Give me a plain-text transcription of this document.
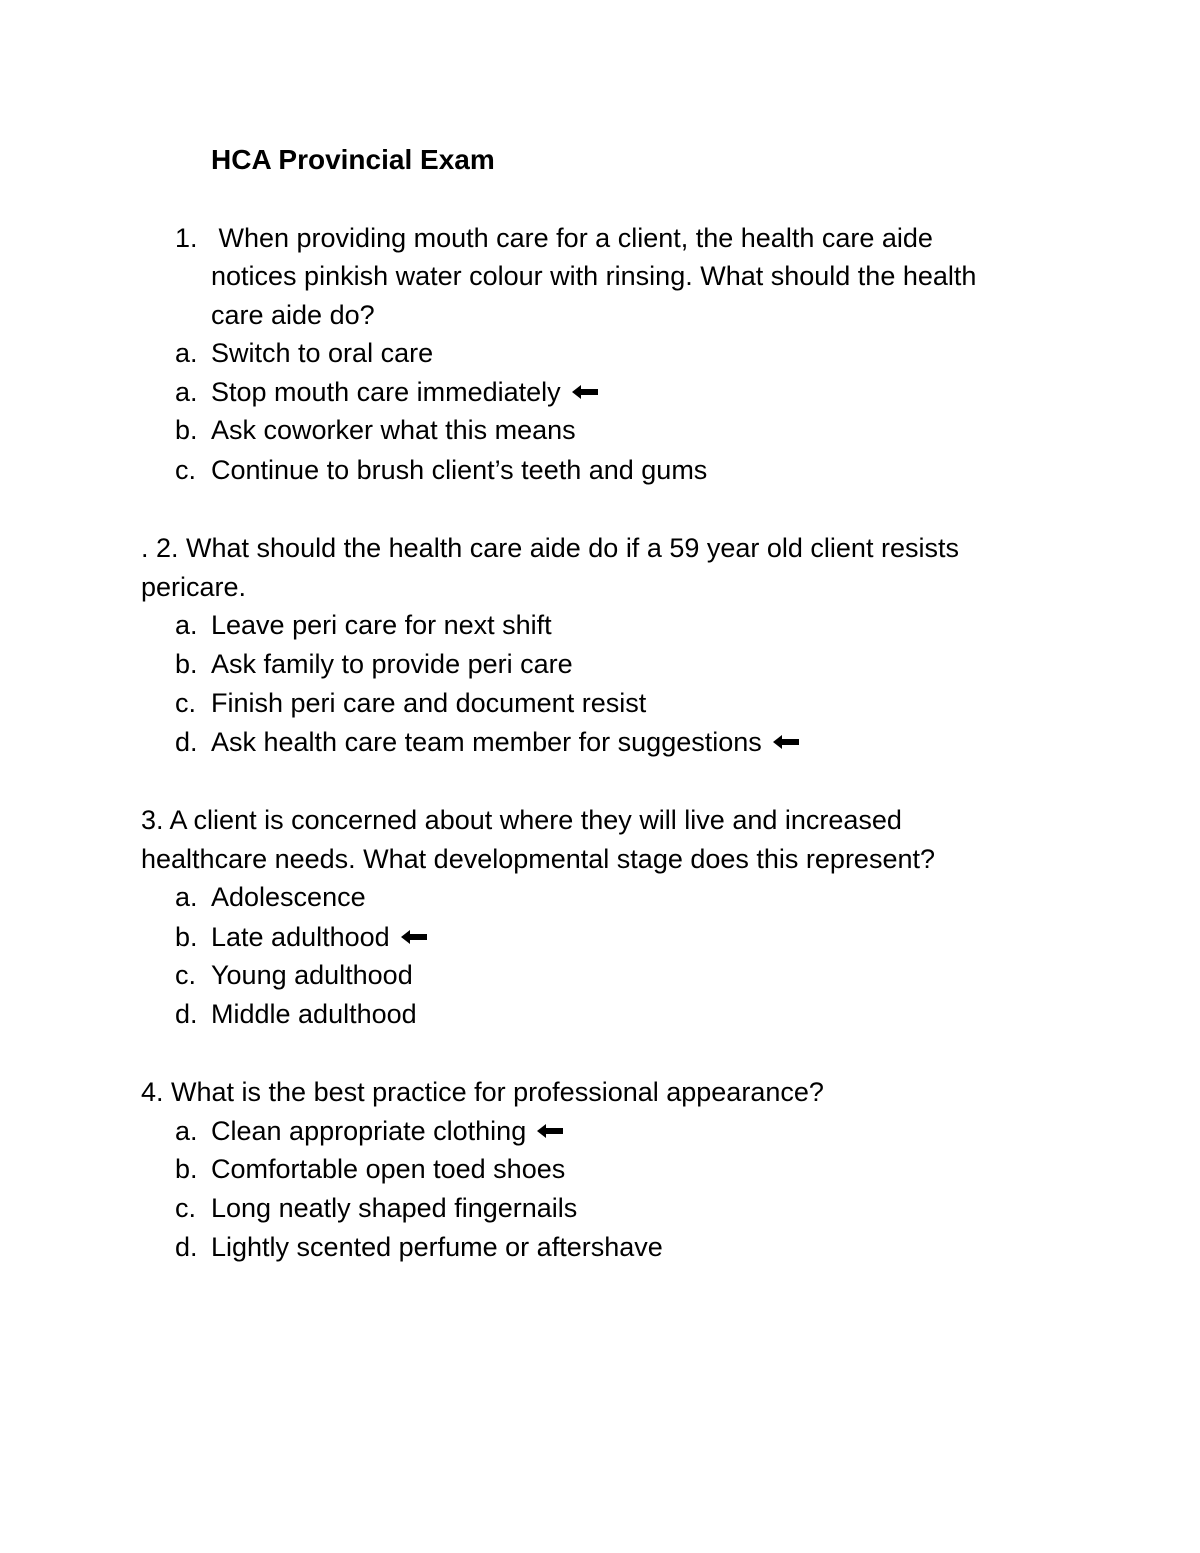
HCA Provincial Exam
1. When providing mouth care for a client, the health care aide
notices pinkish water colour with rinsing. What should the health
care aide do?
a. Switch to oral care
a. Stop mouth care immediately
b. Ask coworker what this means
c. Continue to brush client’s teeth and gums
. 2. What should the health care aide do if a 59 year old client resists
pericare.
a. Leave peri care for next shift
b. Ask family to provide peri care
c. Finish peri care and document resist
d. Ask health care team member for suggestions
3. A client is concerned about where they will live and increased
healthcare needs. What developmental stage does this represent?
a. Adolescence
b. Late adulthood
c. Young adulthood
d. Middle adulthood
4. What is the best practice for professional appearance?
a. Clean appropriate clothing
b. Comfortable open toed shoes
c. Long neatly shaped fingernails
d. Lightly scented perfume or aftershave
